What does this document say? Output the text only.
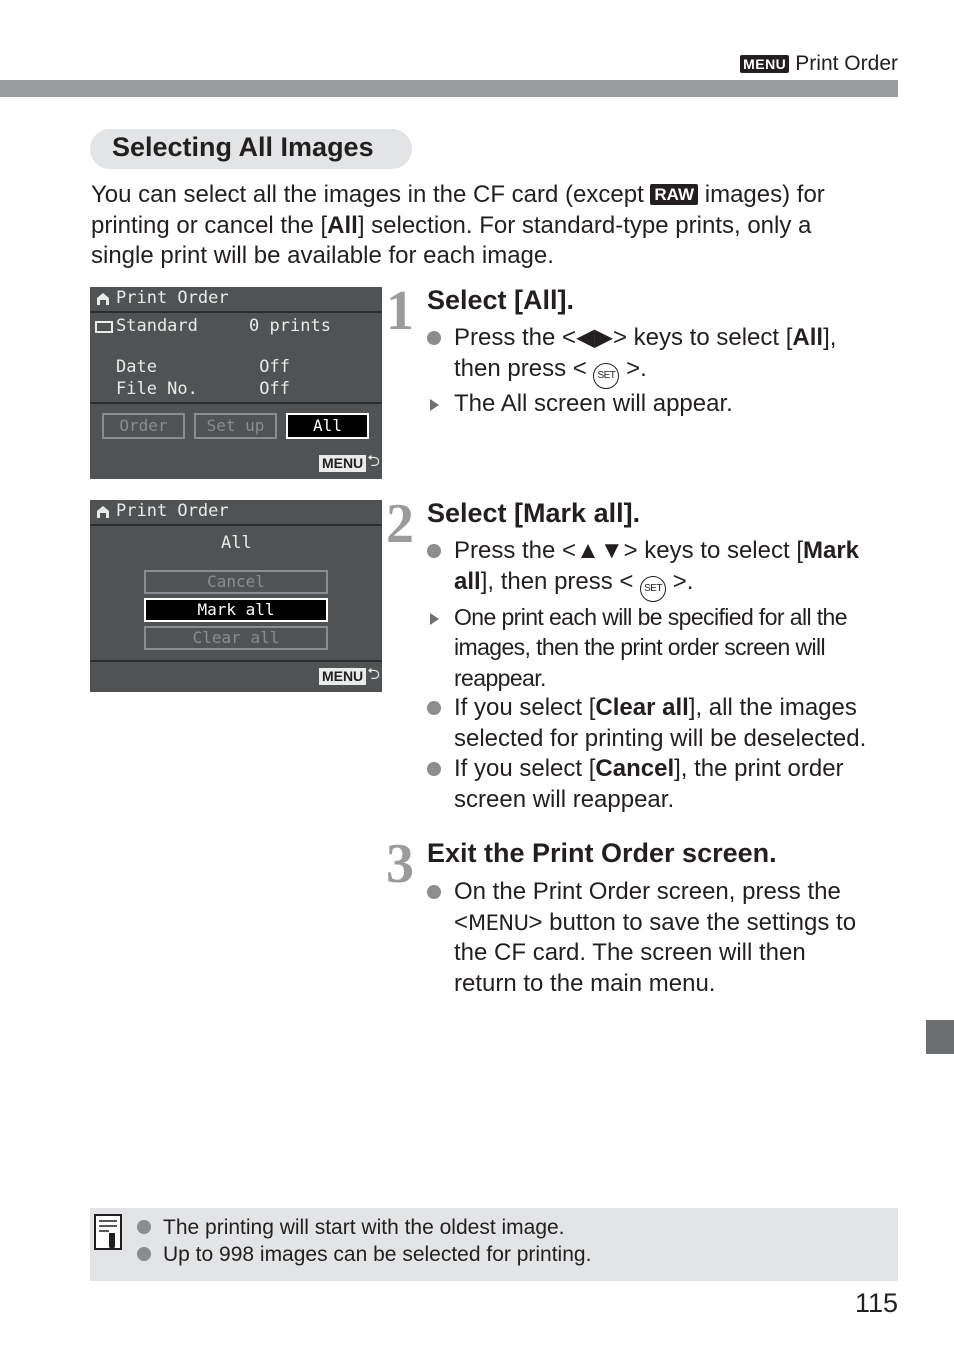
MENU Print Order
Selecting All Images
You can select all the images in the CF card (except RAW images) for
printing or cancel the [All] selection. For standard-type prints, only a
single print will be available for each image.
Print Order
Standard     0 prints
Date          Off
File No.      Off
Order	Set up	All
MENU ⮌
Print Order
All
Cancel
Mark all
Clear all
MENU ⮌
1 Select [All].
Press the <◀▶> keys to select [All],
then press < SET >.
The All screen will appear.
2 Select [Mark all].
Press the <▲▼> keys to select [Mark
all], then press < SET >.
One print each will be specified for all the images, then the print order screen will reappear.
If you select [Clear all], all the images selected for printing will be deselected.
If you select [Cancel], the print order screen will reappear.
3 Exit the Print Order screen.
On the Print Order screen, press the
<MENU> button to save the settings to
the CF card. The screen will then
return to the main menu.
The printing will start with the oldest image.
Up to 998 images can be selected for printing.
115
